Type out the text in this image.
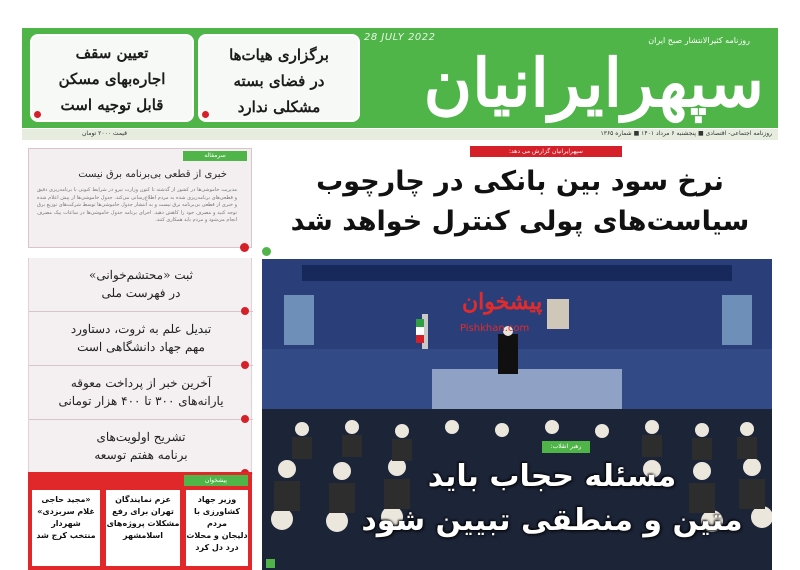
تعیین سقف
اجاره‌بهای مسکن
قابل توجیه است
برگزاری هیات‌ها
در فضای بسته
مشکلی ندارد
28 JULY 2022	روزنامه کثیرالانتشار صبح ایران
سپهرایرانیان
قیمت ۲۰۰۰ تومان	روزنامه اجتماعی- اقتصادی ■ پنجشنبه ۶ مرداد ۱۴۰۱ ■ شماره ۱۳۶۵
سپهرایرانیان گزارش می دهد:
نرخ سود بین بانکی در چارچوب
سیاست‌های پولی کنترل خواهد شد
سرمقاله
خبری از قطعی بی‌برنامه برق نیست
مدیریت خاموشی‌ها در کشور از گذشته تا کنون وزارت نیرو در شرایط کنونی با برنامه‌ریزی دقیق و قطعی‌های برنامه‌ریزی شده به مردم اطلاع‌رسانی می‌کند. جدول خاموشی‌ها از پیش اعلام شده و خبری از قطعی بی‌برنامه برق نیست و به انتشار جدول خاموشی‌ها توسط شرکت‌های توزیع برق توجه کنید و مصرف خود را کاهش دهید. اجرای برنامه جدول خاموشی‌ها در ساعات پیک مصرف انجام می‌شود و مردم باید همکاری کنند.
ثبت «محتشم‌خوانی»
در فهرست ملی
تبدیل علم به ثروت، دستاورد
مهم جهاد دانشگاهی است
آخرین خبر از پرداخت معوقه
یارانه‌های ۳۰۰ تا ۴۰۰ هزار تومانی
تشریح اولویت‌های
برنامه هفتم توسعه
پیشخوان
وزیر جهاد
کشاورزی با مردم
دلیجان و محلات
درد دل کرد
عزم نمایندگان
تهران برای رفع
مشکلات پروژه‌های
اسلامشهر
«مجید حاجی
غلام سربزدی»
شهردار
منتخب کرج شد
پیشخوان
Pishkhan.com
رهبر انقلاب:
مسئله حجاب باید
متین و منطقی تبیین شود
